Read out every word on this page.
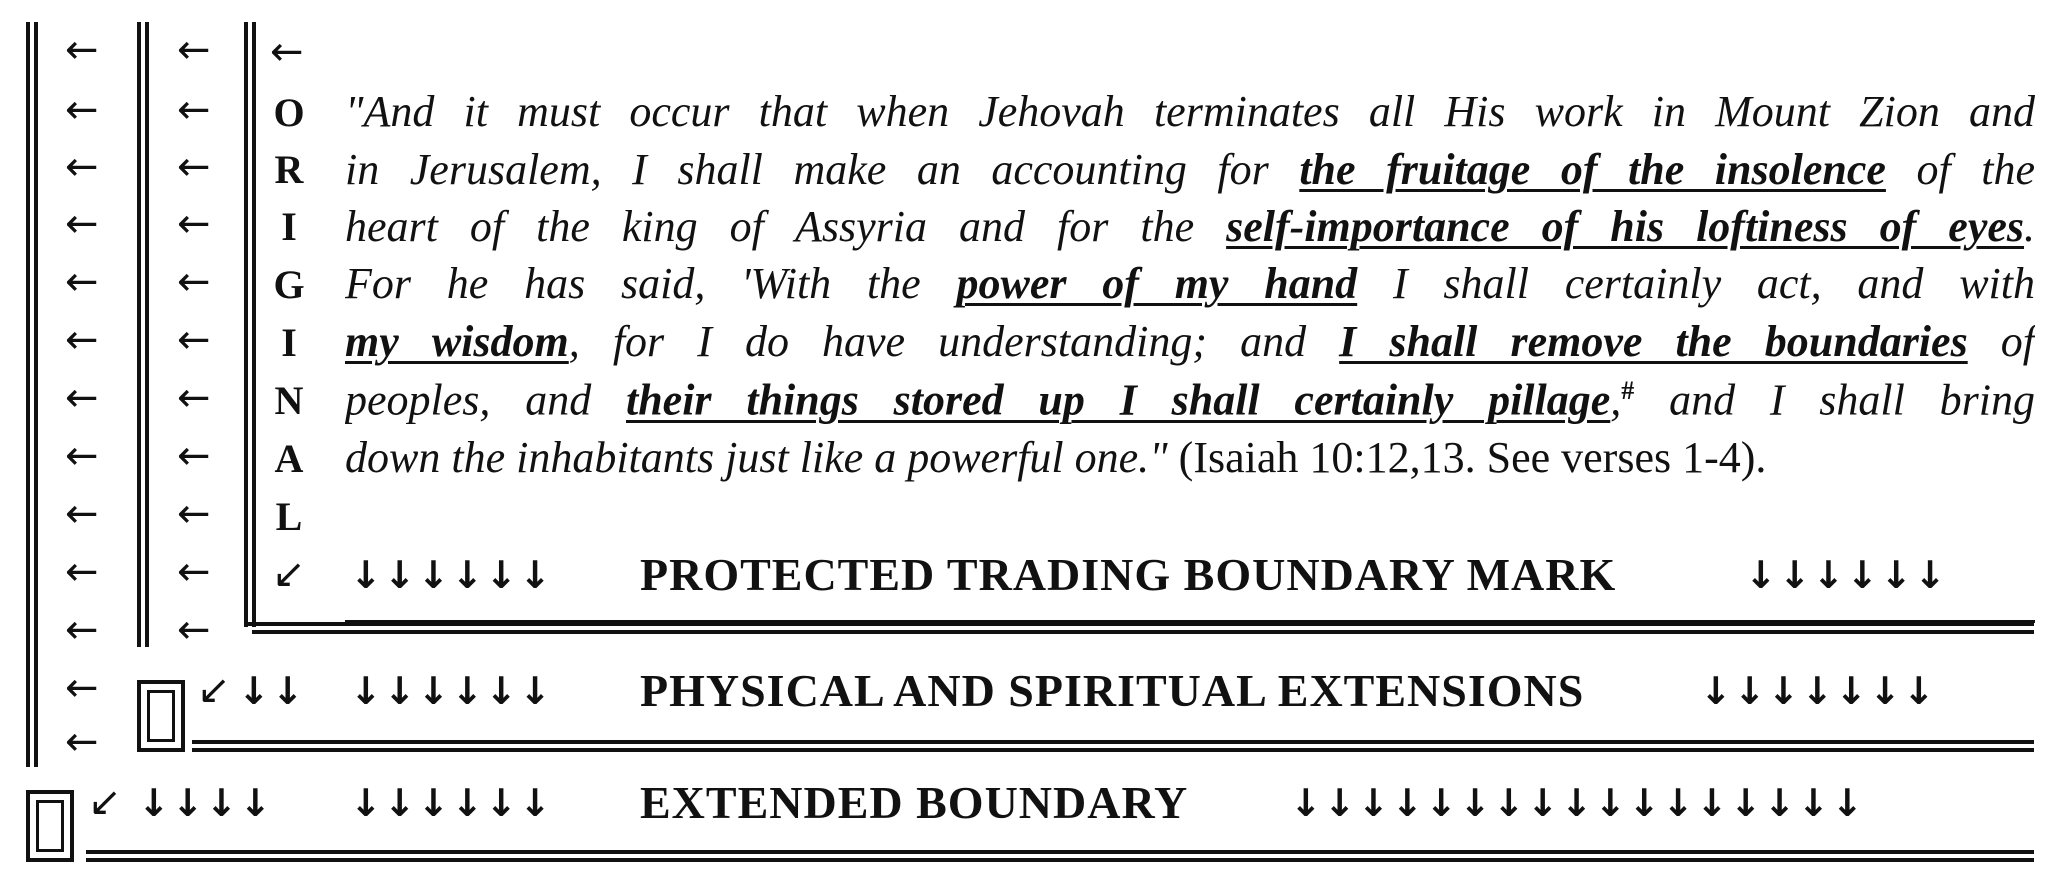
←
←
←
←
←
←
←
←
←
←
←
←
←
←
←
←
←
←
←
←
←
←
←
←
←
O
R
I
G
I
N
A
L
↙
"And it must occur that when Jehovah terminates all His work in Mount Zion and
in Jerusalem, I shall make an accounting for the fruitage of the insolence of the
heart of the king of Assyria and for the self-importance of his loftiness of eyes.
For he has said, 'With the power of my hand I shall certainly act, and with
my wisdom, for I do have understanding; and I shall remove the boundaries of
peoples, and their things stored up I shall certainly pillage,# and I shall bring
down the inhabitants just like a powerful one." (Isaiah 10:12,13. See verses 1-4).
↓↓↓↓↓↓ PROTECTED TRADING BOUNDARY MARK	↓↓↓↓↓↓
↙ ↓↓ ↓↓↓↓↓↓ PHYSICAL AND SPIRITUAL EXTENSIONS	↓↓↓↓↓↓↓
↙ ↓↓↓↓ ↓↓↓↓↓↓ EXTENDED BOUNDARY	↓↓↓↓↓↓↓↓↓↓↓↓↓↓↓↓↓
